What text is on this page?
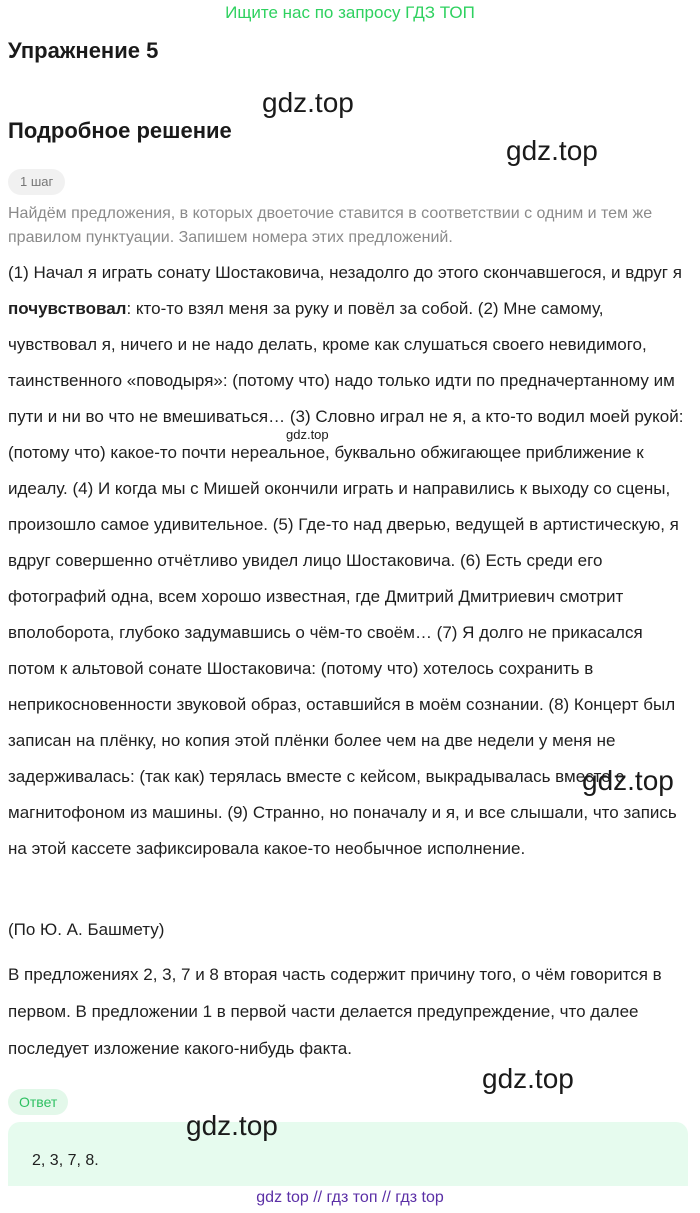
Ищите нас по запросу ГДЗ ТОП
Упражнение 5
gdz.top
Подробное решение
gdz.top
1 шаг
Найдём предложения, в которых двоеточие ставится в соответствии с одним и тем же правилом пунктуации. Запишем номера этих предложений.
(1) Начал я играть сонату Шостаковича, незадолго до этого скончавшегося, и вдруг я почувствовал: кто-то взял меня за руку и повёл за собой. (2) Мне самому, чувствовал я, ничего и не надо делать, кроме как слушаться своего невидимого, таинственного «поводыря»: (потому что) надо только идти по предначертанному им пути и ни во что не вмешиваться… (3) Словно играл не я, а кто-то водил моей рукой: (потому что) какое-то почти нереальное, буквально обжигающее приближение к идеалу. (4) И когда мы с Мишей окончили играть и направились к выходу со сцены, произошло самое удивительное. (5) Где-то над дверью, ведущей в артистическую, я вдруг совершенно отчётливо увидел лицо Шостаковича. (6) Есть среди его фотографий одна, всем хорошо известная, где Дмитрий Дмитриевич смотрит вполоборота, глубоко задумавшись о чём-то своём… (7) Я долго не прикасался потом к альтовой сонате Шостаковича: (потому что) хотелось сохранить в неприкосновенности звуковой образ, оставшийся в моём сознании. (8) Концерт был записан на плёнку, но копия этой плёнки более чем на две недели у меня не задерживалась: (так как) терялась вместе с кейсом, выкрадывалась вместе с магнитофоном из машины. (9) Странно, но поначалу и я, и все слышали, что запись на этой кассете зафиксировала какое-то необычное исполнение.
gdz.top
gdz.top
(По Ю. А. Башмету)
В предложениях 2, 3, 7 и 8 вторая часть содержит причину того, о чём говорится в первом. В предложении 1 в первой части делается предупреждение, что далее последует изложение какого-нибудь факта.
gdz.top
Ответ
2, 3, 7, 8.
gdz.top
gdz top // гдз топ // гдз top
